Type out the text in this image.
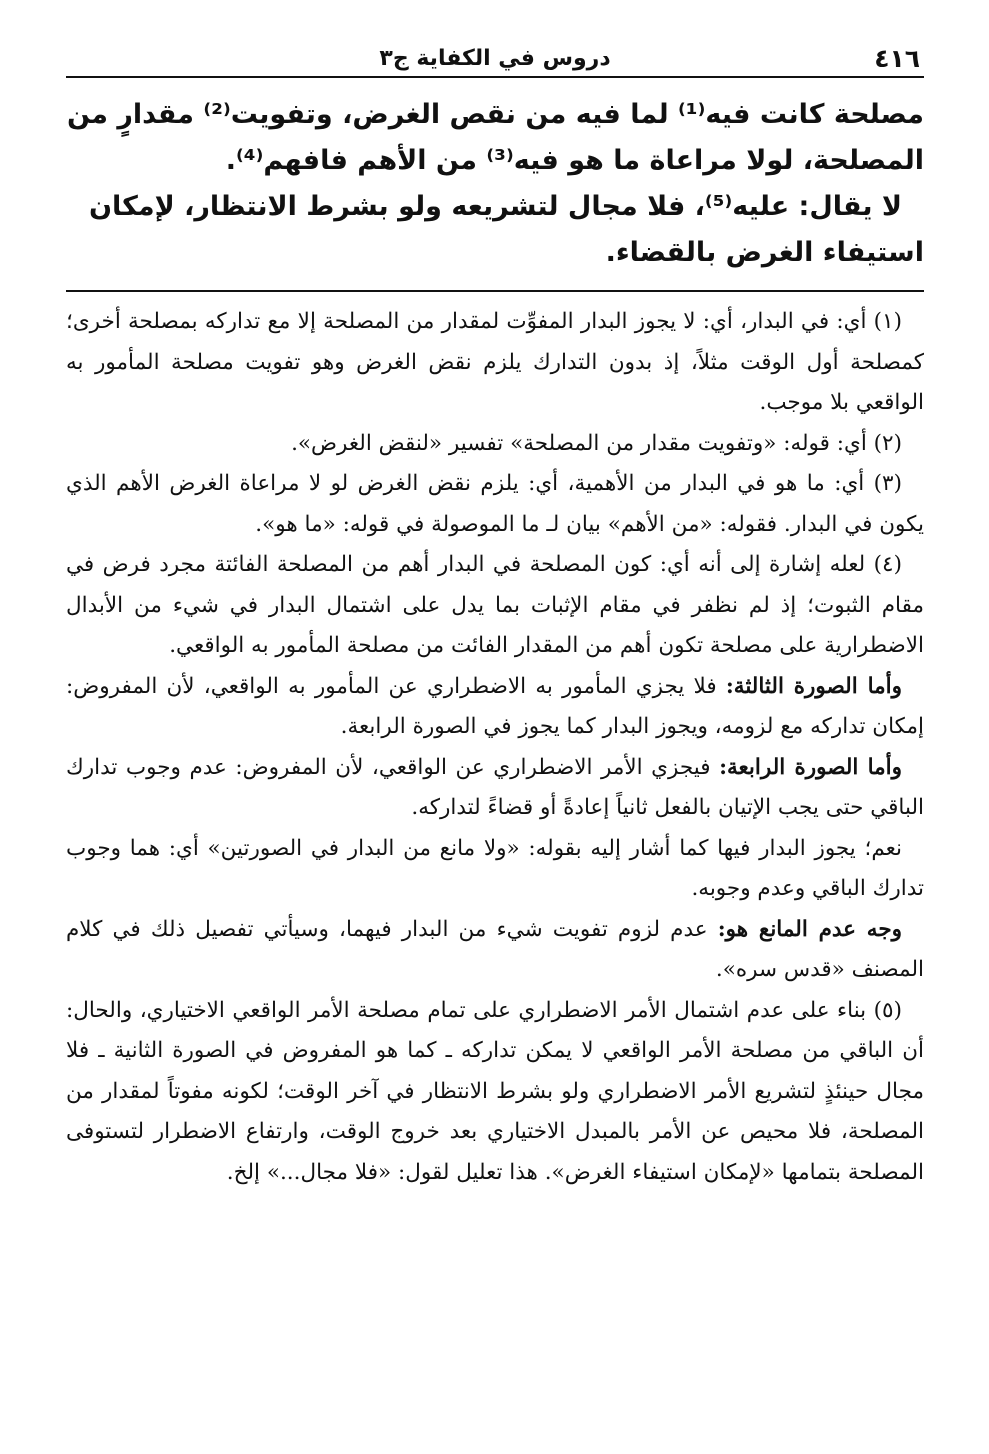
٤١٦
دروس في الكفاية ج٣

مصلحة كانت فيه⁽¹⁾ لما فيه من نقص الغرض، وتفويت⁽²⁾ مقدارٍ من المصلحة، لولا مراعاة ما هو فيه⁽³⁾ من الأهم فافهم⁽⁴⁾.

لا يقال: عليه⁽⁵⁾، فلا مجال لتشريعه ولو بشرط الانتظار، لإمكان استيفاء الغرض بالقضاء.

(١) أي: في البدار، أي: لا يجوز البدار المفوِّت لمقدار من المصلحة إلا مع تداركه بمصلحة أخرى؛ كمصلحة أول الوقت مثلاً، إذ بدون التدارك يلزم نقض الغرض وهو تفويت مصلحة المأمور به الواقعي بلا موجب.

(٢) أي: قوله: «وتفويت مقدار من المصلحة» تفسير «لنقض الغرض».

(٣) أي: ما هو في البدار من الأهمية، أي: يلزم نقض الغرض لو لا مراعاة الغرض الأهم الذي يكون في البدار. فقوله: «من الأهم» بيان لـ ما الموصولة في قوله: «ما هو».

(٤) لعله إشارة إلى أنه أي: كون المصلحة في البدار أهم من المصلحة الفائتة مجرد فرض في مقام الثبوت؛ إذ لم نظفر في مقام الإثبات بما يدل على اشتمال البدار في شيء من الأبدال الاضطرارية على مصلحة تكون أهم من المقدار الفائت من مصلحة المأمور به الواقعي.

وأما الصورة الثالثة: فلا يجزي المأمور به الاضطراري عن المأمور به الواقعي، لأن المفروض: إمكان تداركه مع لزومه، ويجوز البدار كما يجوز في الصورة الرابعة.

وأما الصورة الرابعة: فيجزي الأمر الاضطراري عن الواقعي، لأن المفروض: عدم وجوب تدارك الباقي حتى يجب الإتيان بالفعل ثانياً إعادةً أو قضاءً لتداركه.

نعم؛ يجوز البدار فيها كما أشار إليه بقوله: «ولا مانع من البدار في الصورتين» أي: هما وجوب تدارك الباقي وعدم وجوبه.

وجه عدم المانع هو: عدم لزوم تفويت شيء من البدار فيهما، وسيأتي تفصيل ذلك في كلام المصنف «قدس سره».

(٥) بناء على عدم اشتمال الأمر الاضطراري على تمام مصلحة الأمر الواقعي الاختياري، والحال: أن الباقي من مصلحة الأمر الواقعي لا يمكن تداركه ـ كما هو المفروض في الصورة الثانية ـ فلا مجال حينئذٍ لتشريع الأمر الاضطراري ولو بشرط الانتظار في آخر الوقت؛ لكونه مفوتاً لمقدار من المصلحة، فلا محيص عن الأمر بالمبدل الاختياري بعد خروج الوقت، وارتفاع الاضطرار لتستوفى المصلحة بتمامها «لإمكان استيفاء الغرض». هذا تعليل لقول: «فلا مجال...» إلخ.
